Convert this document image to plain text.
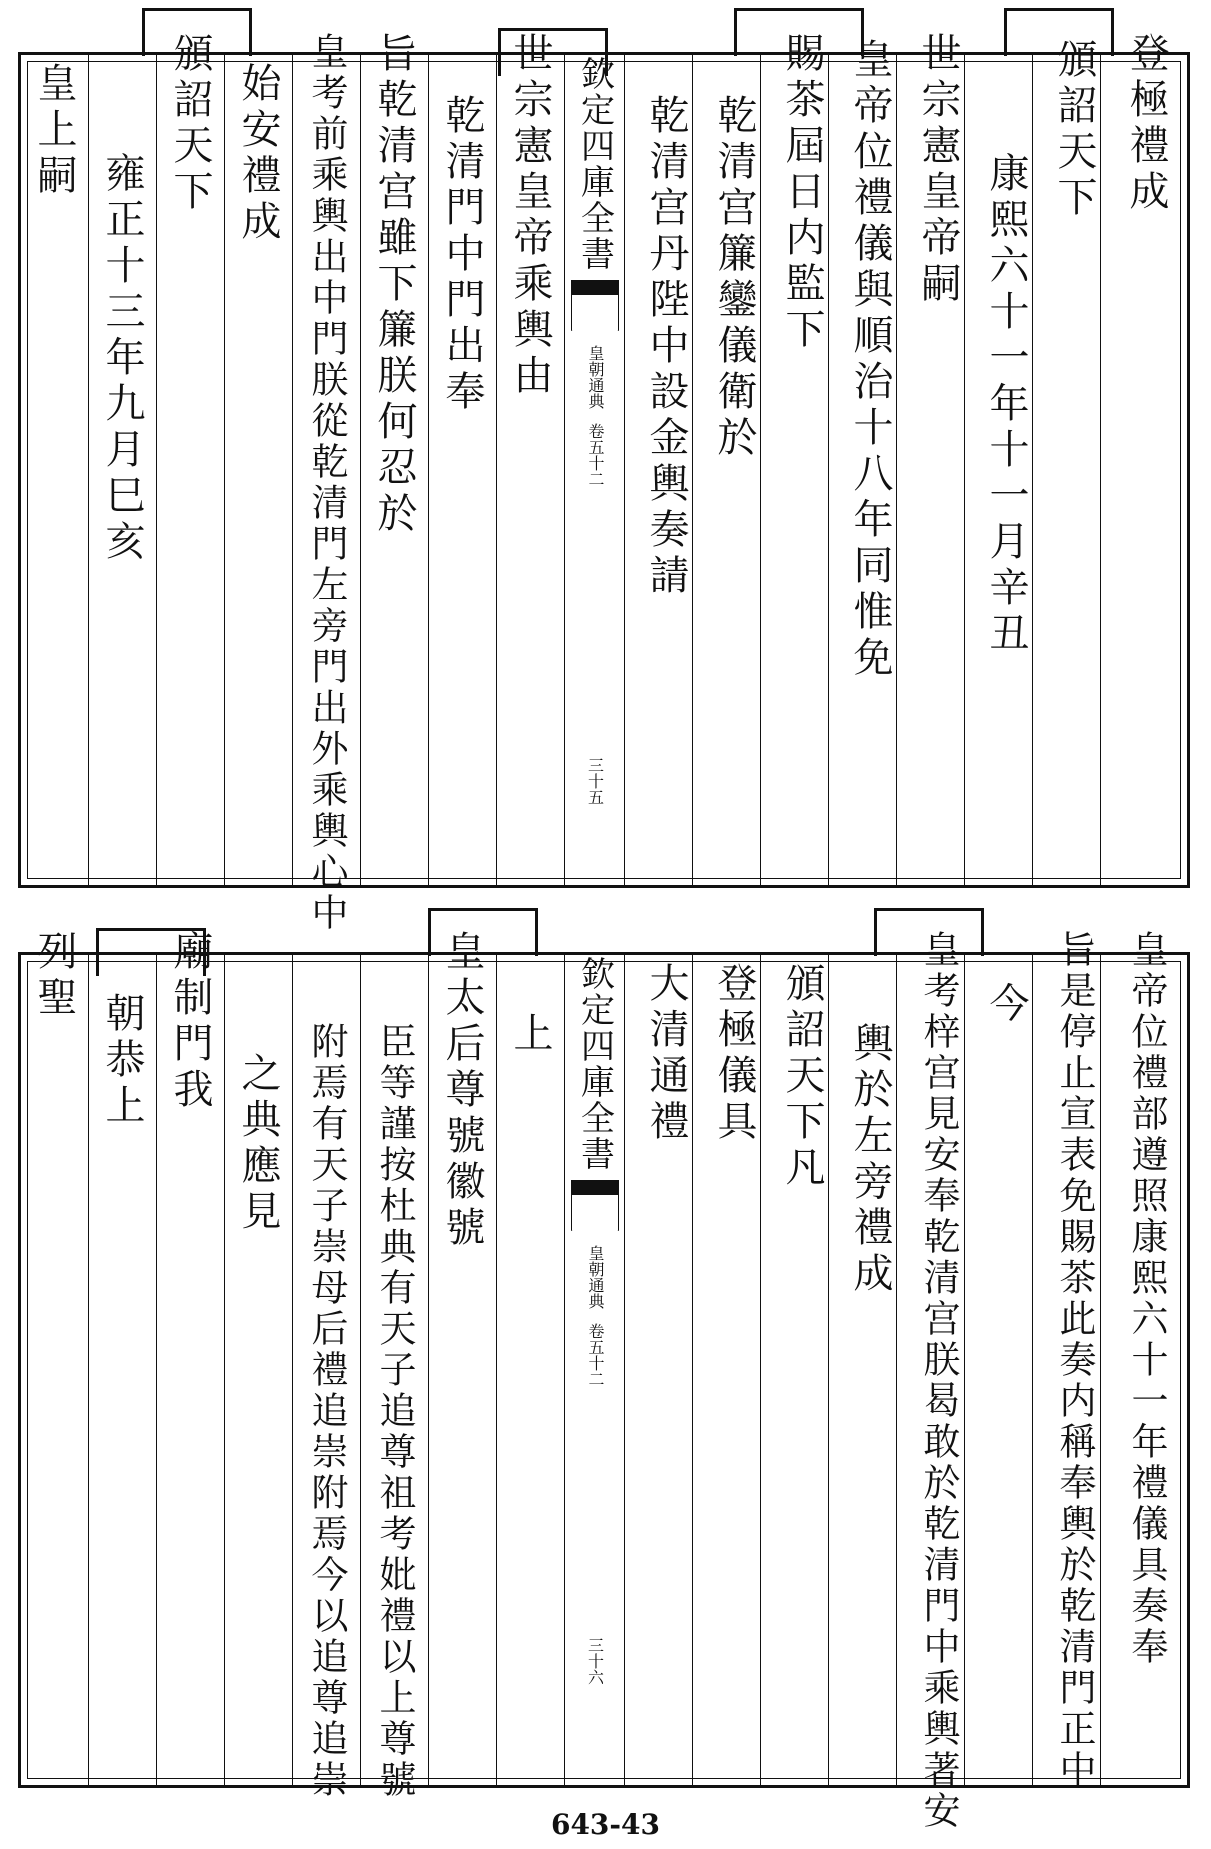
登極禮成
頒詔天下
康熙六十一年十一月辛丑
世宗憲皇帝嗣
皇帝位禮儀與順治十八年同惟免
賜茶屆日内監下
乾清宫簾鑾儀衛於
乾清宫丹陛中設金輿奏請
欽定四庫全書
皇朝通典
卷五十二
三十五
世宗憲皇帝乘輿由
乾清門中門出奉
旨乾清宫雖下簾朕何忍於
皇考前乘輿出中門朕從乾清門左旁門出外乘輿心中
始安禮成
頒詔天下
雍正十三年九月巳亥
皇上嗣
皇帝位禮部遵照康熙六十一年禮儀具奏奉
旨是停止宣表免賜茶此奏内稱奉輿於乾清門正中
今
皇考梓宫見安奉乾清宫朕曷敢於乾清門中乘輿著安
輿於左旁禮成
頒詔天下凡
登極儀具
大清通禮
欽定四庫全書
皇朝通典
卷五十二
三十六
上
皇太后尊號徽號
臣等謹按杜典有天子追尊祖考妣禮以上尊號
附焉有天子崇母后禮追崇附焉今以追尊追崇
之典應見
廟制門我
朝恭上
列聖
643-43
